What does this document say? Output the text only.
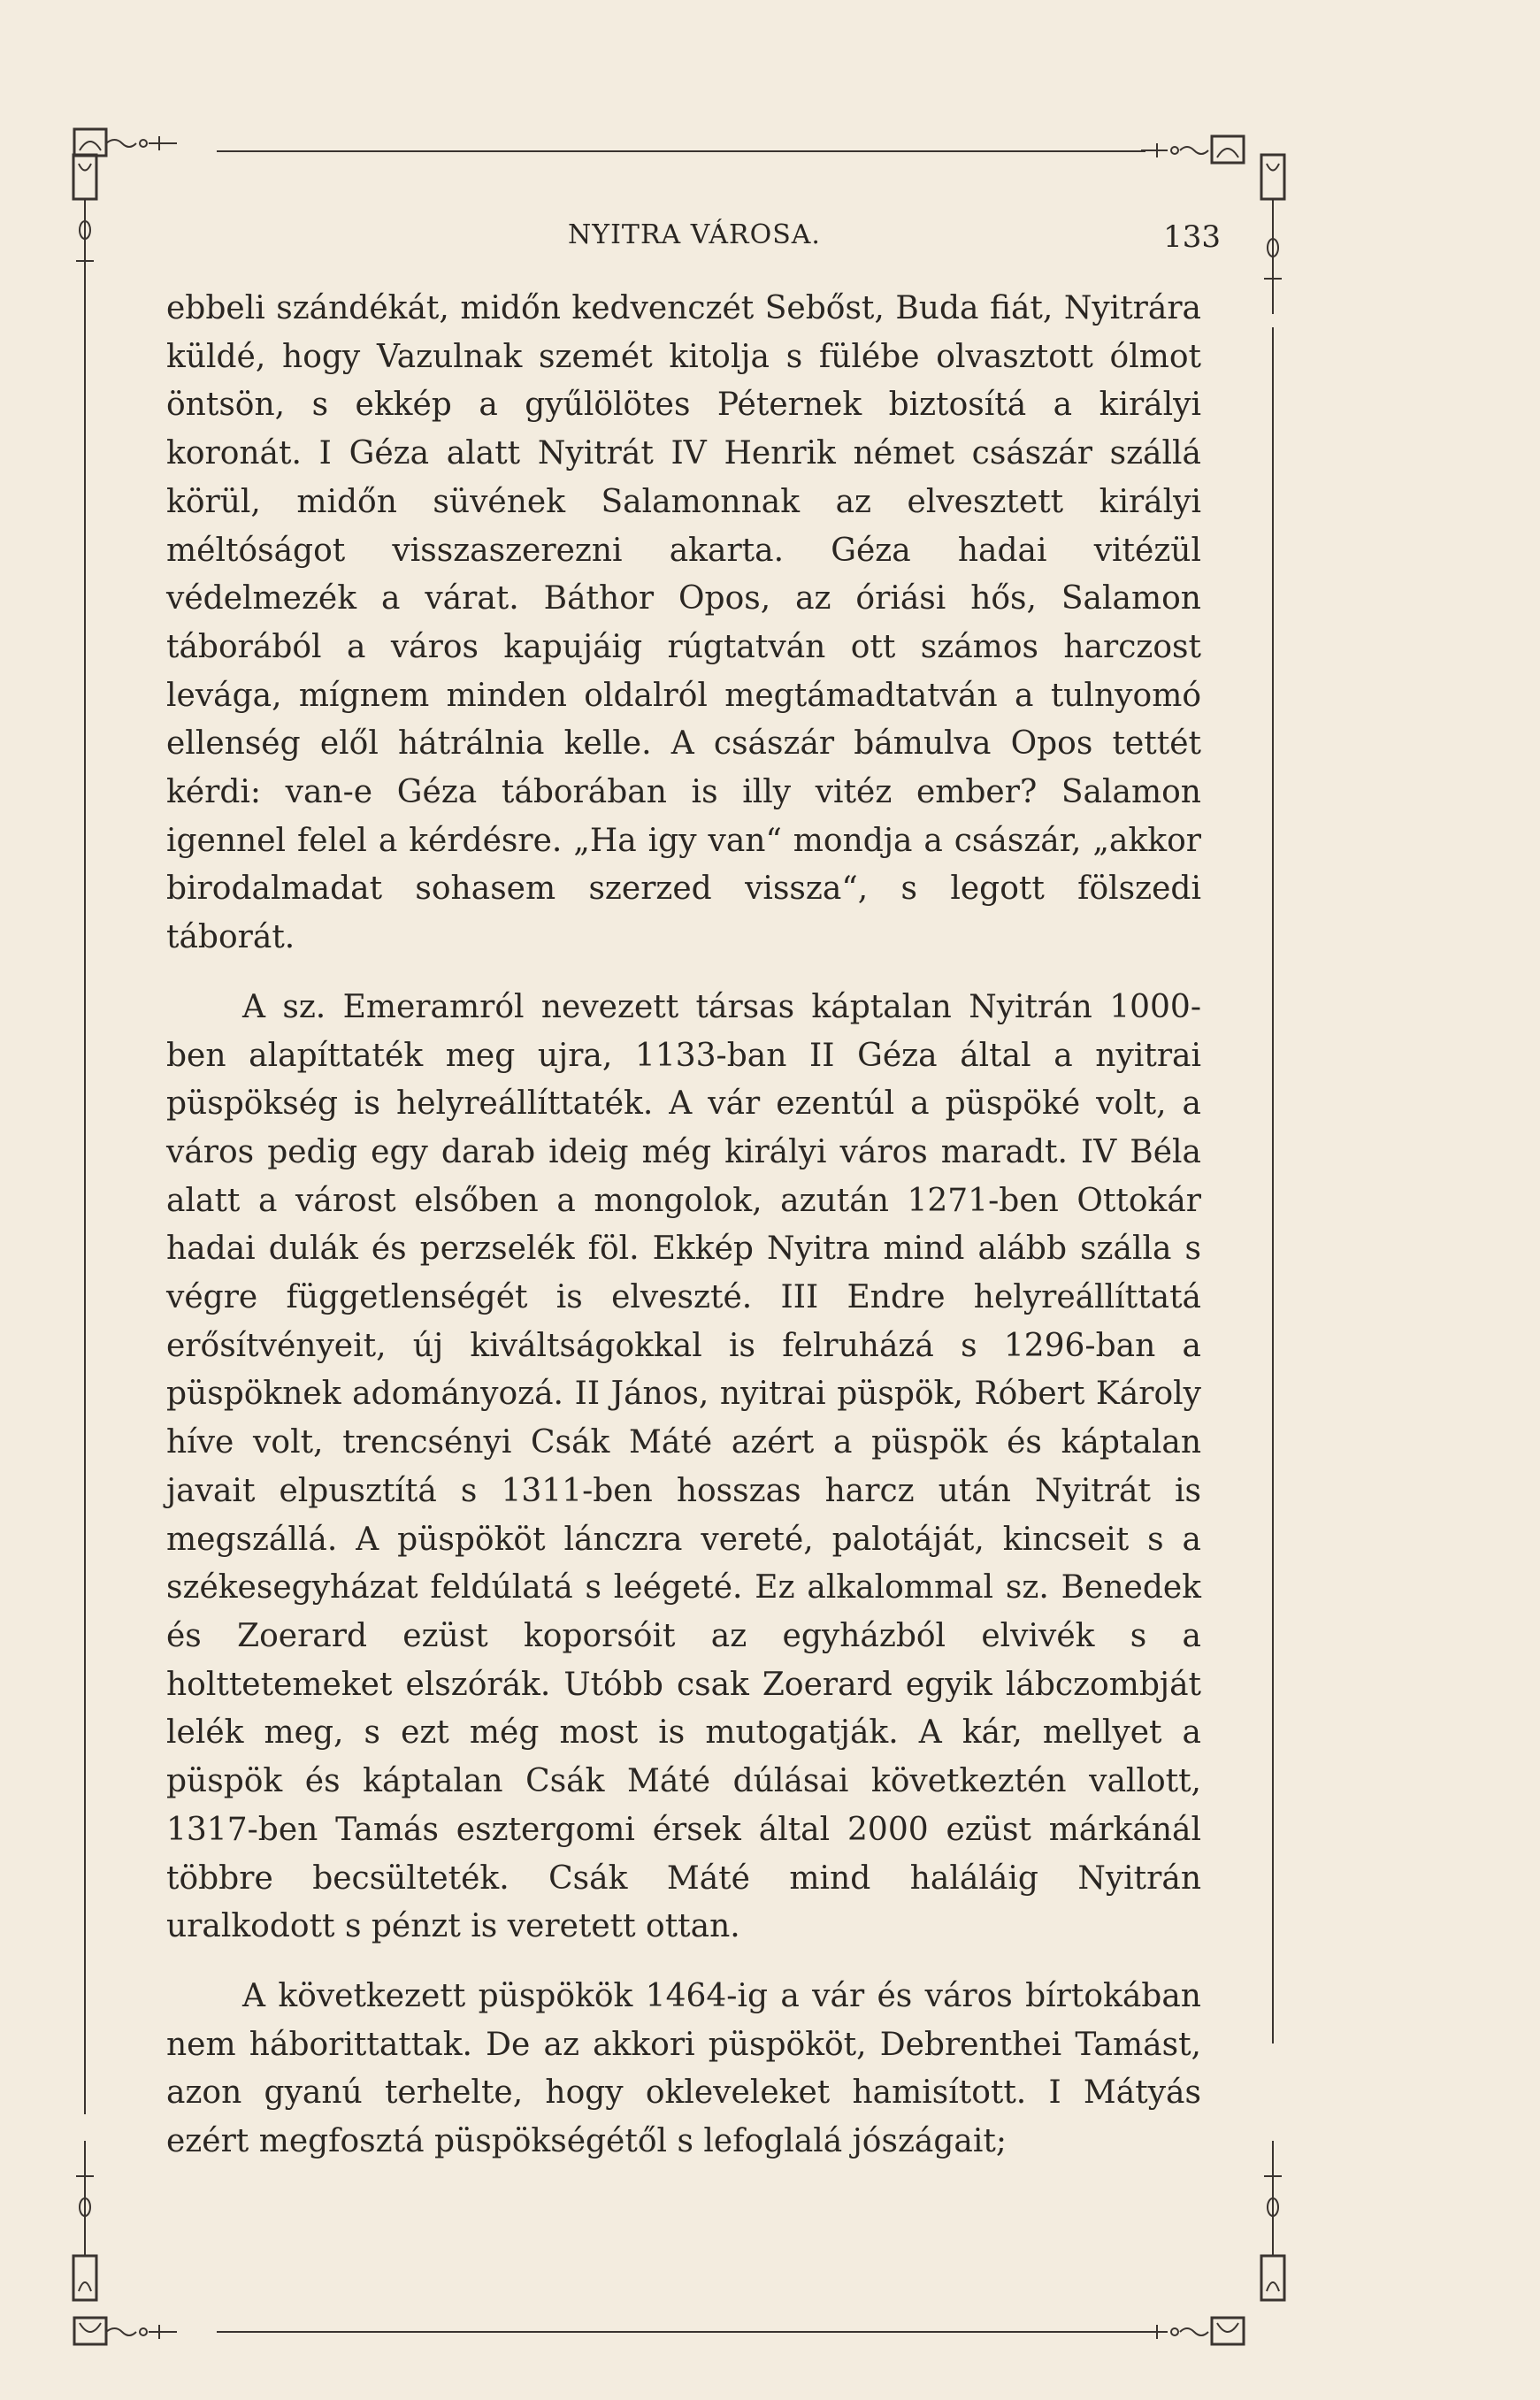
NYITRA VÁROSA.	133

ebbeli szándékát, midőn kedvenczét Sebőst, Buda fiát, Nyitrára küldé, hogy Vazulnak szemét kitolja s fülébe olvasztott ólmot öntsön, s ekkép a gyűlölötes Péternek biztosítá a királyi koronát. I Géza alatt Nyitrát IV Henrik német császár szállá körül, midőn süvének Salamonnak az elvesztett királyi méltóságot visszaszerezni akarta. Géza hadai vitézül védelmezék a várat. Báthor Opos, az óriási hős, Salamon táborából a város kapujáig rúgtatván ott számos harczost levága, mígnem minden oldalról megtámadtatván a tulnyomó ellenség elől hátrálnia kelle. A császár bámulva Opos tettét kérdi: van-e Géza táborában is illy vitéz ember? Salamon igennel felel a kérdésre. „Ha igy van“ mondja a császár, „akkor birodalmadat sohasem szerzed vissza“, s legott fölszedi táborát.

A sz. Emeramról nevezett társas káptalan Nyitrán 1000-ben alapíttaték meg ujra, 1133-ban II Géza által a nyitrai püspökség is helyreállíttaték. A vár ezentúl a püspöké volt, a város pedig egy darab ideig még királyi város maradt. IV Béla alatt a várost elsőben a mongolok, azután 1271-ben Ottokár hadai dulák és perzselék föl. Ekkép Nyitra mind alább szálla s végre függetlenségét is elveszté. III Endre helyreállíttatá erősítvényeit, új kiváltságokkal is felruházá s 1296-ban a püspöknek adományozá. II János, nyitrai püspök, Róbert Károly híve volt, trencsényi Csák Máté azért a püspök és káptalan javait elpusztítá s 1311-ben hosszas harcz után Nyitrát is megszállá. A püspököt lánczra vereté, palotáját, kincseit s a székesegyházat feldúlatá s leégeté. Ez alkalommal sz. Benedek és Zoerard ezüst koporsóit az egyházból elvivék s a holttetemeket elszórák. Utóbb csak Zoerard egyik lábczombját lelék meg, s ezt még most is mutogatják. A kár, mellyet a püspök és káptalan Csák Máté dúlásai következtén vallott, 1317-ben Tamás esztergomi érsek által 2000 ezüst márkánál többre becsülteték. Csák Máté mind haláláig Nyitrán uralkodott s pénzt is veretett ottan.

A következett püspökök 1464-ig a vár és város bírtokában nem háborittattak. De az akkori püspököt, Debrenthei Tamást, azon gyanú terhelte, hogy okleveleket hamisított. I Mátyás ezért megfosztá püspökségétől s lefoglalá jószágait;
